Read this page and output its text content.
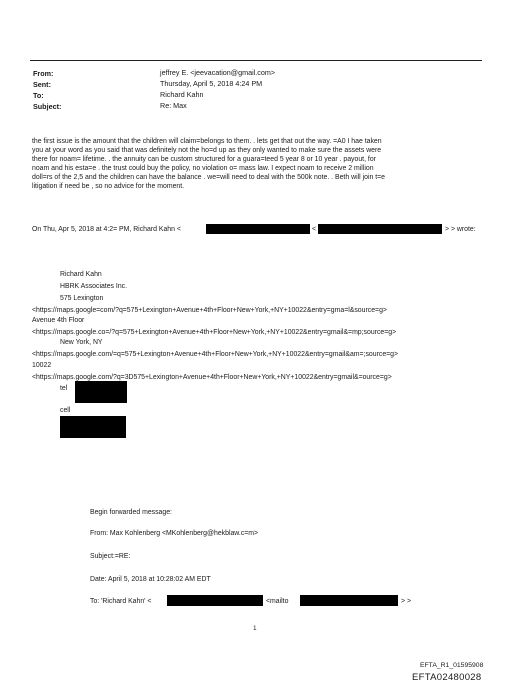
From:	jeffrey E. <jeevacation@gmail.com>
Sent:	Thursday, April 5, 2018 4:24 PM
To:	Richard Kahn
Subject:	Re: Max
the first issue is the amount that the children will claim=belongs to them. . lets get that out the way. =A0 I hae taken
you at your word as you said that was definitely not the ho=d up as they only wanted to make sure the assets were
there for noam= lifetime. . the annuity can be custom structured for a guara=teed 5 year 8 or 10 year . payout, for
noam and his esta=e . the trust could buy the policy, no violation o= mass law. I expect noam to receive 2 million
doll=rs of the 2,5 and the children can have the balance . we=will need to deal with the 500k note. . Beth will join t=e
litigation if need be , so no advice for the moment.
On Thu, Apr 5, 2018 at 4:2= PM, Richard Kahn <	<	> > wrote:
Richard Kahn
HBRK Associates Inc.
575 Lexington
<https://maps.google=com/?q=575+Lexington+Avenue+4th+Floor+New+York,+NY+10022&entry=gma=l&source=g>
Avenue 4th Floor
<https://maps.google.co=/?q=575+Lexington+Avenue+4th+Floor+New+York,+NY+10022&entry=gmail&=mp;source=g>
New York, NY
<https://maps.google.com/=q=575+Lexington+Avenue+4th+Floor+New+York,+NY+10022&entry=gmail&am=;source=g>
10022
<https://maps.google.com/?q=3D575+Lexington+Avenue+4th+Floor+New+York,+NY+10022&entry=gmail&=ource=g>
tel
cell
Begin forwarded message:
From: Max Kohlenberg <MKohlenberg@hekblaw.c=m>
Subject:=RE:
Date: April 5, 2018 at 10:28:02 AM EDT
To: 'Richard Kahn' <	<mailto	> >
1
EFTA_R1_01595908
EFTA02480028
